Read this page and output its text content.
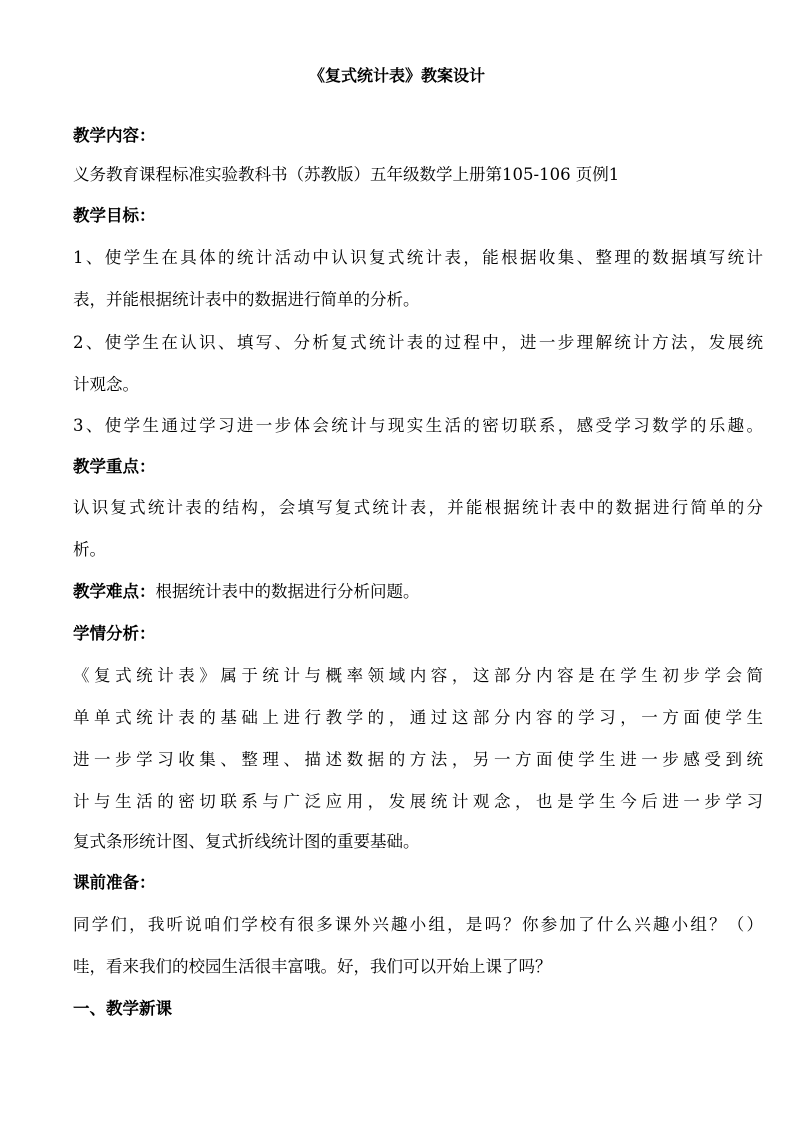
《复式统计表》教案设计
教学内容：
义务教育课程标准实验教科书（苏教版）五年级数学上册第105-106 页例1
教学目标：
1、使学生在具体的统计活动中认识复式统计表，能根据收集、整理的数据填写统计
表，并能根据统计表中的数据进行简单的分析。
2、使学生在认识、填写、分析复式统计表的过程中，进一步理解统计方法，发展统
计观念。
3、使学生通过学习进一步体会统计与现实生活的密切联系，感受学习数学的乐趣。
教学重点：
认识复式统计表的结构，会填写复式统计表，并能根据统计表中的数据进行简单的分
析。
教学难点：根据统计表中的数据进行分析问题。
学情分析：
《复式统计表》属于统计与概率领域内容，这部分内容是在学生初步学会简
单单式统计表的基础上进行教学的，通过这部分内容的学习，一方面使学生
进一步学习收集、整理、描述数据的方法，另一方面使学生进一步感受到统
计与生活的密切联系与广泛应用，发展统计观念，也是学生今后进一步学习
复式条形统计图、复式折线统计图的重要基础。
课前准备：
同学们，我听说咱们学校有很多课外兴趣小组，是吗？你参加了什么兴趣小组？（）
哇，看来我们的校园生活很丰富哦。好，我们可以开始上课了吗？
一、教学新课
